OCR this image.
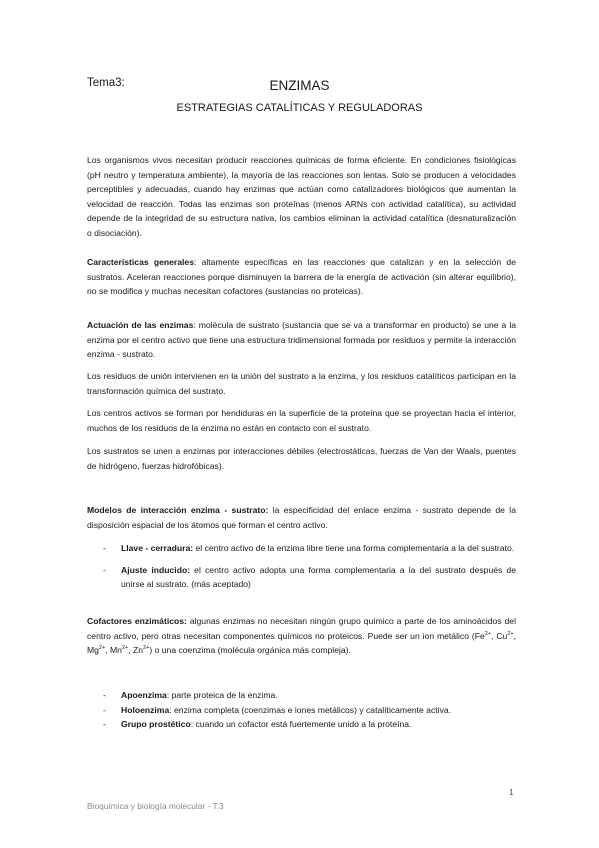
Tema3:	ENZIMAS
ESTRATEGIAS CATALÍTICAS Y REGULADORAS

Los organismos vivos necesitan producir reacciones químicas de forma eficiente. En condiciones fisiológicas (pH neutro y temperatura ambiente), la mayoría de las reacciones son lentas. Solo se producen a velocidades perceptibles y adecuadas, cuando hay enzimas que actúan como catalizadores biológicos que aumentan la velocidad de reacción. Todas las enzimas son proteínas (menos ARNs con actividad catalítica), su actividad depende de la integridad de su estructura nativa, los cambios eliminan la actividad catalítica (desnaturalización o disociación).

Características generales: altamente específicas en las reacciones que catalizan y en la selección de sustratos. Aceleran reacciones porque disminuyen la barrera de la energía de activación (sin alterar equilibrio), no se modifica y muchas necesitan cofactores (sustancias no proteicas).

Actuación de las enzimas: molécula de sustrato (sustancia que se va a transformar en producto) se une a la enzima por el centro activo que tiene una estructura tridimensional formada por residuos y permite la interacción enzima - sustrato.

Los residuos de unión intervienen en la unión del sustrato a la enzima, y los residuos catalíticos participan en la transformación química del sustrato.

Los centros activos se forman por hendiduras en la superficie de la proteína que se proyectan hacia el interior, muchos de los residuos de la enzima no están en contacto con el sustrato.

Los sustratos se unen a enzimas por interacciones débiles (electrostáticas, fuerzas de Van der Waals, puentes de hidrógeno, fuerzas hidrofóbicas).

Modelos de interacción enzima - sustrato: la especificidad del enlace enzima - sustrato depende de la disposición espacial de los átomos que forman el centro activo.

- Llave - cerradura: el centro activo de la enzima libre tiene una forma complementaria a la del sustrato.
- Ajuste inducido: el centro activo adopta una forma complementaria a la del sustrato después de unirse al sustrato. (más aceptado)

Cofactores enzimáticos: algunas enzimas no necesitan ningún grupo químico a parte de los aminoácidos del centro activo, pero otras necesitan componentes químicos no proteicos. Puede ser un ion metálico ($Fe^{2+}$, $Cu^{2+}$, $Mg^{2+}$, $Mn^{2+}$, $Zn^{2+}$) o una coenzima (molécula orgánica más compleja).

- Apoenzima: parte proteica de la enzima.
- Holoenzima: enzima completa (coenzimas e iones metálicos) y catalíticamente activa.
- Grupo prostético: cuando un cofactor está fuertemente unido a la proteína.
1
Bioquímica y biología molecular - T.3
